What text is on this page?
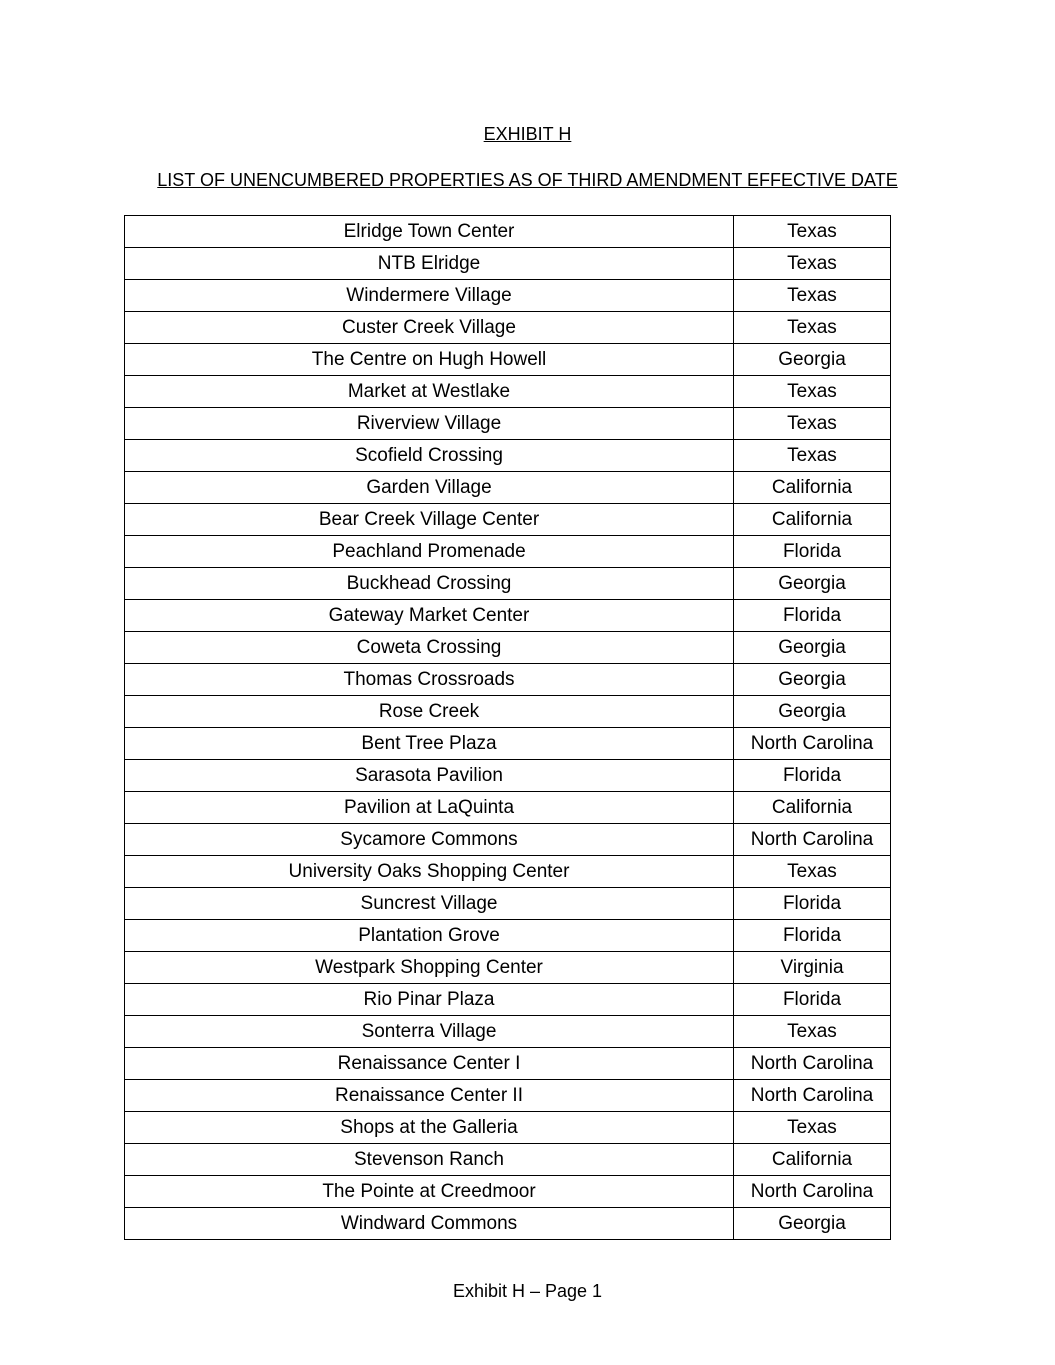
EXHIBIT H

LIST OF UNENCUMBERED PROPERTIES AS OF THIRD AMENDMENT EFFECTIVE DATE

Elridge Town Center	Texas
NTB Elridge	Texas
Windermere Village	Texas
Custer Creek Village	Texas
The Centre on Hugh Howell	Georgia
Market at Westlake	Texas
Riverview Village	Texas
Scofield Crossing	Texas
Garden Village	California
Bear Creek Village Center	California
Peachland Promenade	Florida
Buckhead Crossing	Georgia
Gateway Market Center	Florida
Coweta Crossing	Georgia
Thomas Crossroads	Georgia
Rose Creek	Georgia
Bent Tree Plaza	North Carolina
Sarasota Pavilion	Florida
Pavilion at LaQuinta	California
Sycamore Commons	North Carolina
University Oaks Shopping Center	Texas
Suncrest Village	Florida
Plantation Grove	Florida
Westpark Shopping Center	Virginia
Rio Pinar Plaza	Florida
Sonterra Village	Texas
Renaissance Center I	North Carolina
Renaissance Center II	North Carolina
Shops at the Galleria	Texas
Stevenson Ranch	California
The Pointe at Creedmoor	North Carolina
Windward Commons	Georgia

Exhibit H – Page 1
